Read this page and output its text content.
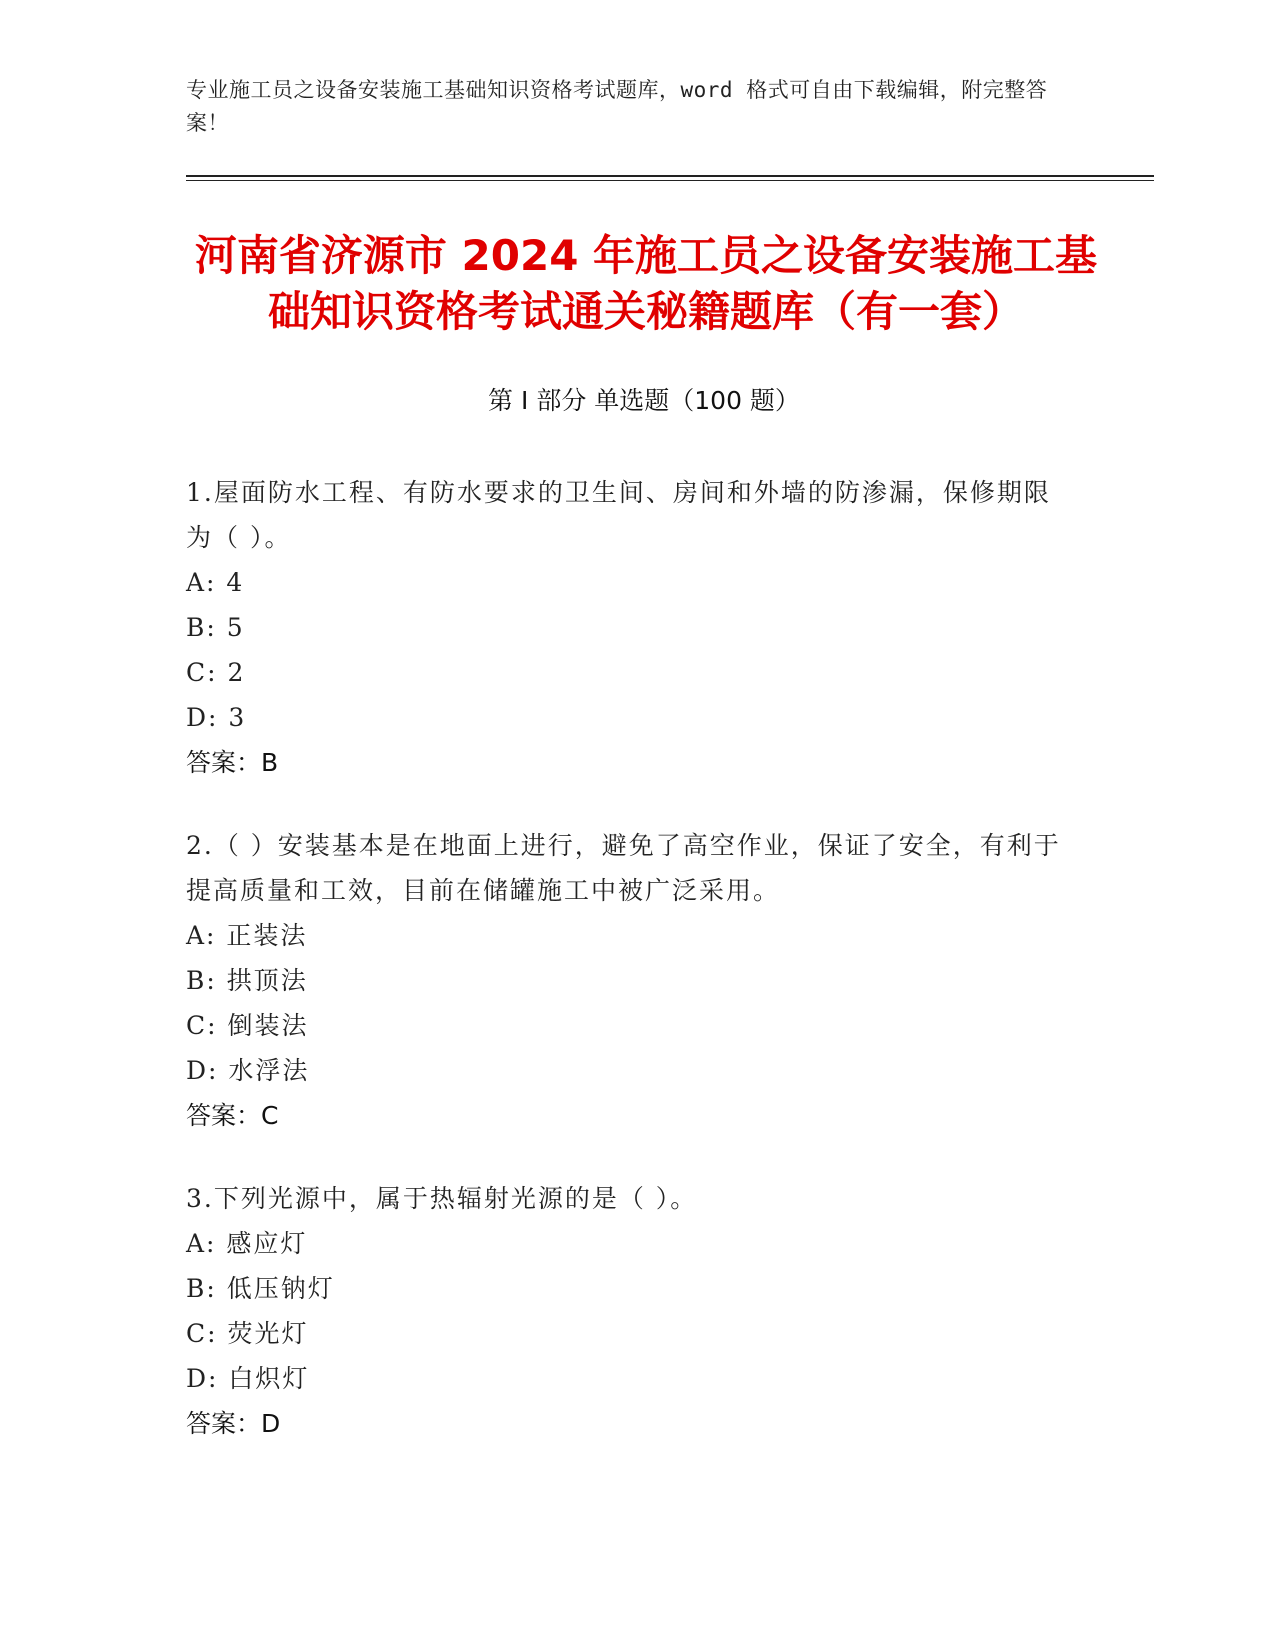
专业施工员之设备安装施工基础知识资格考试题库，word 格式可自由下载编辑，附完整答案！
河南省济源市 2024 年施工员之设备安装施工基础知识资格考试通关秘籍题库（有一套）
第 I 部分 单选题（100 题）
1.屋面防水工程、有防水要求的卫生间、房间和外墙的防渗漏，保修期限为（ ）。
A: 4
B: 5
C: 2
D: 3
答案：B
2.（ ）安装基本是在地面上进行，避免了高空作业，保证了安全，有利于提高质量和工效，目前在储罐施工中被广泛采用。
A: 正装法
B: 拱顶法
C: 倒装法
D: 水浮法
答案：C
3.下列光源中，属于热辐射光源的是（ ）。
A: 感应灯
B: 低压钠灯
C: 荧光灯
D: 白炽灯
答案：D
